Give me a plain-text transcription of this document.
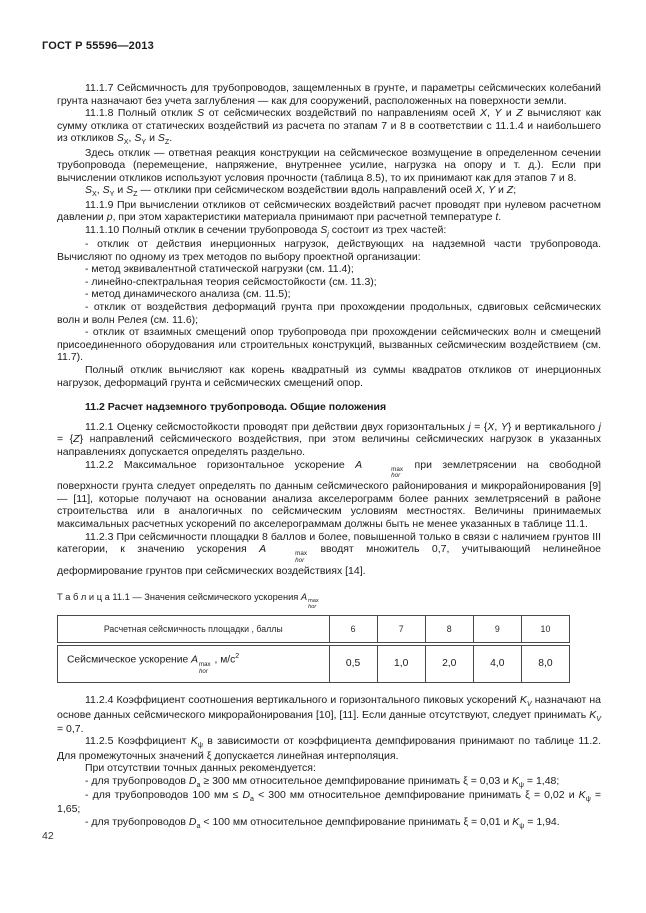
ГОСТ Р 55596—2013

11.1.7 Сейсмичность для трубопроводов, защемленных в грунте, и параметры сейсмических колебаний грунта назначают без учета заглубления — как для сооружений, расположенных на поверхности земли.

11.1.8 Полный отклик S от сейсмических воздействий по направлениям осей X, Y и Z вычисляют как сумму отклика от статических воздействий из расчета по этапам 7 и 8 в соответствии с 11.1.4 и наибольшего из откликов $S_X$, $S_Y$ и $S_Z$.

Здесь отклик — ответная реакция конструкции на сейсмическое возмущение в определенном сечении трубопровода (перемещение, напряжение, внутреннее усилие, нагрузка на опору и т. д.). Если при вычислении откликов используют условия прочности (таблица 8.5), то их принимают как для этапов 7 и 8.

$S_X$, $S_Y$ и $S_Z$ — отклики при сейсмическом воздействии вдоль направлений осей X, Y и Z;

11.1.9 При вычислении откликов от сейсмических воздействий расчет проводят при нулевом расчетном давлении p, при этом характеристики материала принимают при расчетной температуре t.

11.1.10 Полный отклик в сечении трубопровода $S_j$ состоит из трех частей:

- отклик от действия инерционных нагрузок, действующих на надземной части трубопровода. Вычисляют по одному из трех методов по выбору проектной организации:

- метод эквивалентной статической нагрузки (см. 11.4);

- линейно-спектральная теория сейсмостойкости (см. 11.3);

- метод динамического анализа (см. 11.5);

- отклик от воздействия деформаций грунта при прохождении продольных, сдвиговых сейсмических волн и волн Релея (см. 11.6);

- отклик от взаимных смещений опор трубопровода при прохождении сейсмических волн и смещений присоединенного оборудования или строительных конструкций, вызванных сейсмическим воздействием (см. 11.7).

Полный отклик вычисляют как корень квадратный из суммы квадратов откликов от инерционных нагрузок, деформаций грунта и сейсмических смещений опор.

11.2 Расчет надземного трубопровода. Общие положения

11.2.1 Оценку сейсмостойкости проводят при действии двух горизонтальных j = {X, Y} и вертикального j = {Z} направлений сейсмического воздействия, при этом величины сейсмических нагрузок в указанных направлениях допускается определять раздельно.

11.2.2 Максимальное горизонтальное ускорение A	max
hor
при землетрясении на свободной поверхности грунта следует определять по данным сейсмического районирования и микрорайонирования [9] — [11], которые получают на основании анализа акселерограмм более ранних землетрясений в районе строительства или в аналогичных по сейсмическим условиям местностях. Величины принимаемых максимальных расчетных ускорений по акселерограммам должны быть не менее указанных в таблице 11.1.

11.2.3 При сейсмичности площадки 8 баллов и более, повышенной только в связи с наличием грунтов III категории, к значению ускорения A	max
hor
вводят множитель 0,7, учитывающий нелинейное деформирование грунтов при сейсмических воздействиях [14].

Т а б л и ц а 11.1 — Значения сейсмического ускорения A max
hor
Расчетная сейсмичность площадки , баллы	6	7	8	9	10
Сейсмическое ускорение A max
hor
, $м/с^2$	0,5	1,0	2,0	4,0	8,0

11.2.4 Коэффициент соотношения вертикального и горизонтального пиковых ускорений $K_V$ назначают на основе данных сейсмического микрорайонирования [10], [11]. Если данные отсутствуют, следует принимать $K_V = 0,7$.

11.2.5 Коэффициент $K_\psi$ в зависимости от коэффициента демпфирования принимают по таблице 11.2. Для промежуточных значений ξ допускается линейная интерполяция.

При отсутствии точных данных рекомендуется:

- для трубопроводов $D_а \ge 300$ мм относительное демпфирование принимать ξ = 0,03 и $K_\psi = 1,48$;

- для трубопроводов 100 мм ≤ $D_а < 300$ мм относительное демпфирование принимать ξ = 0,02 и $K_\psi = 1,65$;

- для трубопроводов $D_а < 100$ мм относительное демпфирование принимать ξ = 0,01 и $K_\psi = 1,94$.

42
